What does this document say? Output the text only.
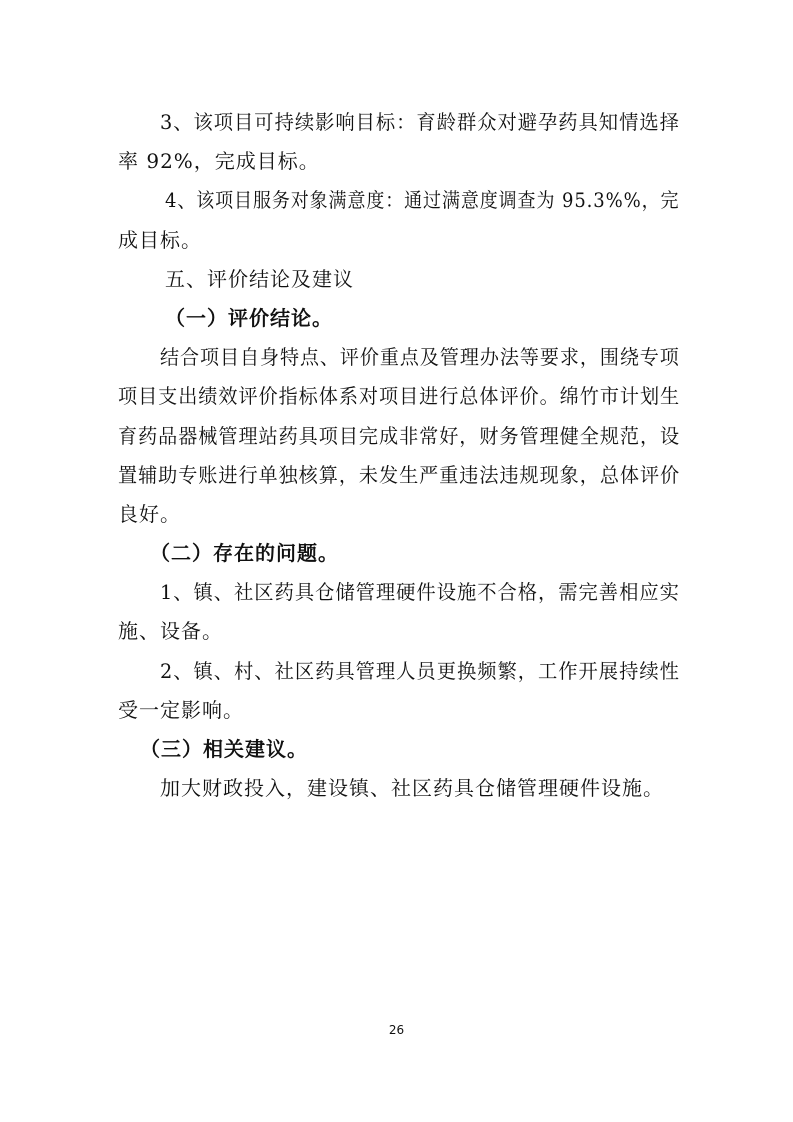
3、该项目可持续影响目标：育龄群众对避孕药具知情选择
率 92%，完成目标。
4、该项目服务对象满意度：通过满意度调查为 95.3%%，完
成目标。
五、评价结论及建议
（一）评价结论。
结合项目自身特点、评价重点及管理办法等要求，围绕专项
项目支出绩效评价指标体系对项目进行总体评价。绵竹市计划生
育药品器械管理站药具项目完成非常好，财务管理健全规范，设
置辅助专账进行单独核算，未发生严重违法违规现象，总体评价
良好。
（二）存在的问题。
1、镇、社区药具仓储管理硬件设施不合格，需完善相应实
施、设备。
2、镇、村、社区药具管理人员更换频繁，工作开展持续性
受一定影响。
（三）相关建议。
加大财政投入，建设镇、社区药具仓储管理硬件设施。
26
